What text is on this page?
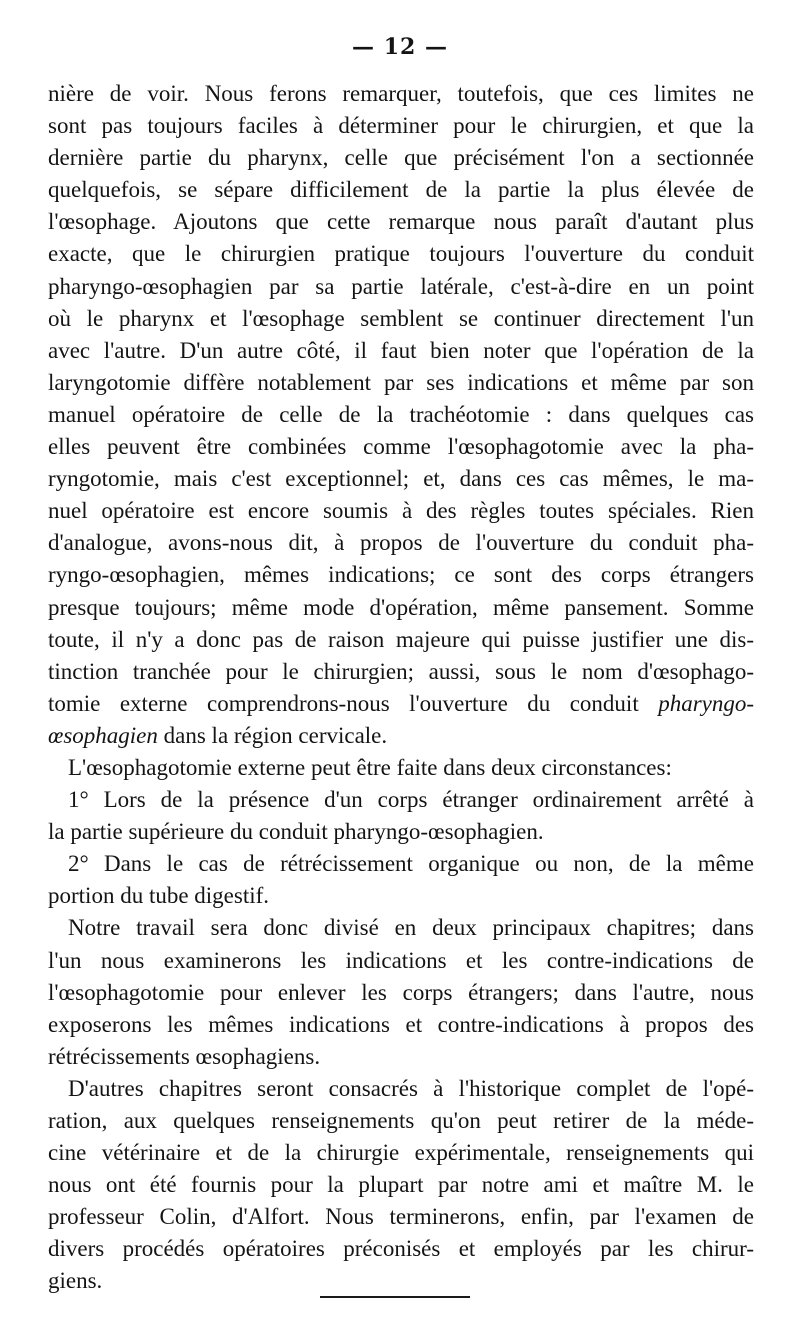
— 12 —

nière de voir. Nous ferons remarquer, toutefois, que ces limites ne

sont pas toujours faciles à déterminer pour le chirurgien, et que la

dernière partie du pharynx, celle que précisément l'on a sectionnée

quelquefois, se sépare difficilement de la partie la plus élevée de

l'œsophage. Ajoutons que cette remarque nous paraît d'autant plus

exacte, que le chirurgien pratique toujours l'ouverture du conduit

pharyngo-œsophagien par sa partie latérale, c'est-à-dire en un point

où le pharynx et l'œsophage semblent se continuer directement l'un

avec l'autre. D'un autre côté, il faut bien noter que l'opération de la

laryngotomie diffère notablement par ses indications et même par son

manuel opératoire de celle de la trachéotomie : dans quelques cas

elles peuvent être combinées comme l'œsophagotomie avec la pha-

ryngotomie, mais c'est exceptionnel; et, dans ces cas mêmes, le ma-

nuel opératoire est encore soumis à des règles toutes spéciales. Rien

d'analogue, avons-nous dit, à propos de l'ouverture du conduit pha-

ryngo-œsophagien, mêmes indications; ce sont des corps étrangers

presque toujours; même mode d'opération, même pansement. Somme

toute, il n'y a donc pas de raison majeure qui puisse justifier une dis-

tinction tranchée pour le chirurgien; aussi, sous le nom d'œsophago-

tomie externe comprendrons-nous l'ouverture du conduit pharyngo-

œsophagien dans la région cervicale.

L'œsophagotomie externe peut être faite dans deux circonstances:

1° Lors de la présence d'un corps étranger ordinairement arrêté à

la partie supérieure du conduit pharyngo-œsophagien.

2° Dans le cas de rétrécissement organique ou non, de la même

portion du tube digestif.

Notre travail sera donc divisé en deux principaux chapitres; dans

l'un nous examinerons les indications et les contre-indications de

l'œsophagotomie pour enlever les corps étrangers; dans l'autre, nous

exposerons les mêmes indications et contre-indications à propos des

rétrécissements œsophagiens.

D'autres chapitres seront consacrés à l'historique complet de l'opé-

ration, aux quelques renseignements qu'on peut retirer de la méde-

cine vétérinaire et de la chirurgie expérimentale, renseignements qui

nous ont été fournis pour la plupart par notre ami et maître M. le

professeur Colin, d'Alfort. Nous terminerons, enfin, par l'examen de

divers procédés opératoires préconisés et employés par les chirur-

giens.
